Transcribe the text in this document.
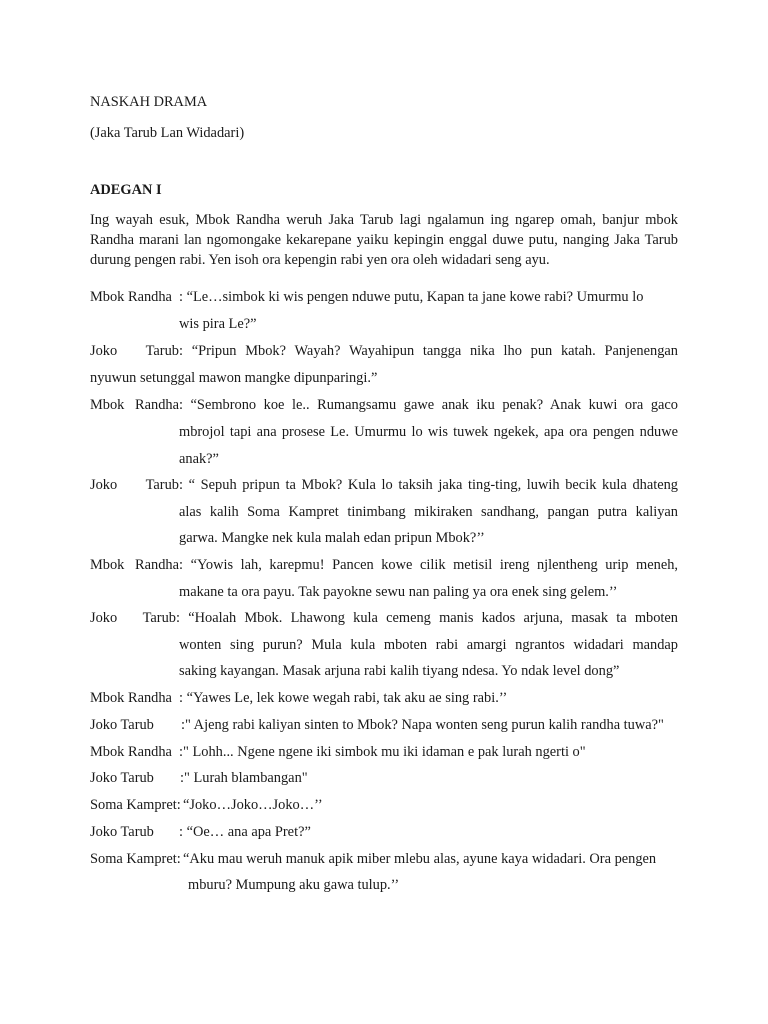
NASKAH DRAMA

(Jaka Tarub Lan Widadari)

ADEGAN I

Ing wayah esuk, Mbok Randha weruh Jaka Tarub lagi ngalamun ing ngarep omah, banjur mbok

Randha marani lan ngomongake kekarepane yaiku kepingin enggal duwe putu, nanging Jaka Tarub

durung pengen rabi. Yen isoh ora kepengin rabi yen ora oleh widadari seng ayu.

Mbok Randha : “Le…simbok ki wis pengen nduwe putu, Kapan ta jane kowe rabi? Umurmu lo

wis pira Le?”

Joko Tarub: “Pripun Mbok? Wayah? Wayahipun tangga nika lho pun katah. Panjenengan

nyuwun setunggal mawon mangke dipunparingi.”

Mbok Randha: “Sembrono koe le.. Rumangsamu gawe anak iku penak? Anak kuwi ora gaco

mbrojol tapi ana prosese Le. Umurmu lo wis tuwek ngekek, apa ora pengen nduwe

anak?”

Joko Tarub: “ Sepuh pripun ta Mbok? Kula lo taksih jaka ting-ting, luwih becik kula dhateng

alas kalih Soma Kampret tinimbang mikiraken sandhang, pangan putra kaliyan

garwa. Mangke nek kula malah edan pripun Mbok?’’

Mbok Randha: “Yowis lah, karepmu! Pancen kowe cilik metisil ireng njlentheng urip meneh,

makane ta ora payu. Tak payokne sewu nan paling ya ora enek sing gelem.’’

Joko Tarub: “Hoalah Mbok. Lhawong kula cemeng manis kados arjuna, masak ta mboten

wonten sing purun? Mula kula mboten rabi amargi ngrantos widadari mandap

saking kayangan. Masak arjuna rabi kalih tiyang ndesa. Yo ndak level dong”

Mbok Randha : “Yawes Le, lek kowe wegah rabi, tak aku ae sing rabi.’’

Joko Tarub :" Ajeng rabi kaliyan sinten to Mbok? Napa wonten seng purun kalih randha tuwa?"

Mbok Randha :" Lohh... Ngene ngene iki simbok mu iki idaman e pak lurah ngerti o"

Joko Tarub :" Lurah blambangan"

Soma Kampret: “Joko…Joko…Joko…’’

Joko Tarub : “Oe… ana apa Pret?”

Soma Kampret: “Aku mau weruh manuk apik miber mlebu alas, ayune kaya widadari. Ora pengen

mburu? Mumpung aku gawa tulup.’’
